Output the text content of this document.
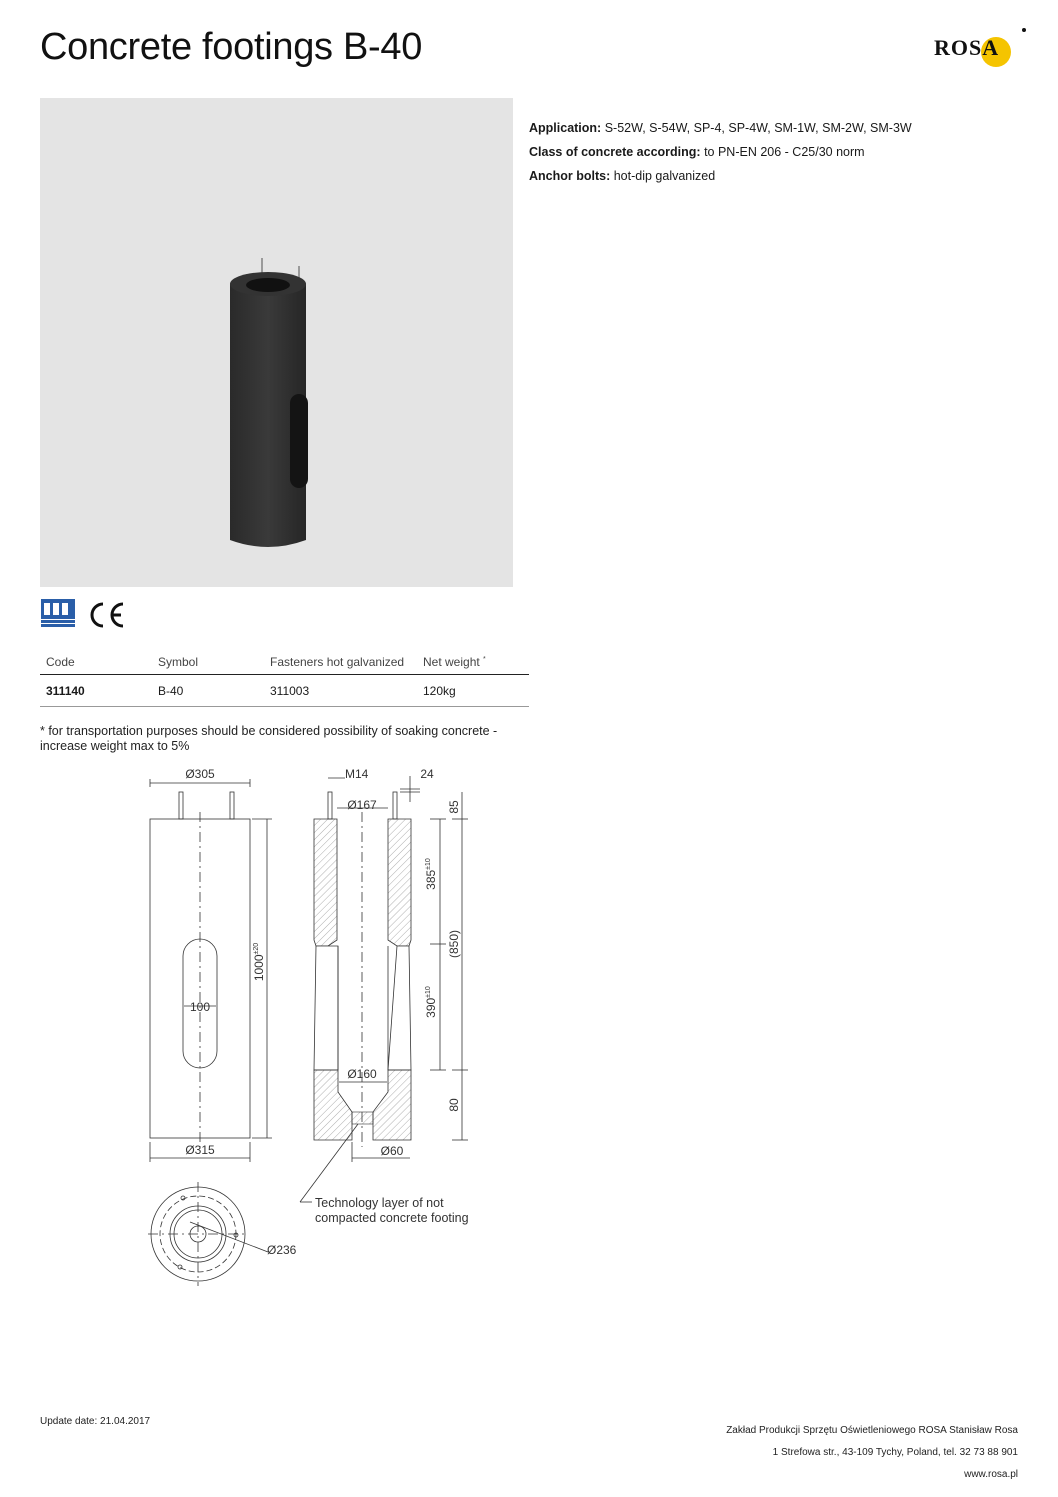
Concrete footings B-40	ROSA
Application: S-52W, S-54W, SP-4, SP-4W, SM-1W, SM-2W, SM-3W
Class of concrete according: to PN-EN 206 - C25/30 norm
Anchor bolts: hot-dip galvanized
Code	Symbol	Fasteners hot galvanized	Net weight *
311140	B-40	311003	120kg
* for transportation purposes should be considered possibility of soaking concrete - increase weight max to 5%
Ø305
100
$1000^{\pm 20}$
Ø315
M14	24
Ø167	85
$385^{\pm 10}$
(850)
$390^{\pm 10}$
Ø160
80
Ø60
Technology layer of not
compacted concrete footing
Ø236
Update date: 21.04.2017
Zakład Produkcji Sprzętu Oświetleniowego ROSA Stanisław Rosa
1 Strefowa str., 43-109 Tychy, Poland, tel. 32 73 88 901
www.rosa.pl
